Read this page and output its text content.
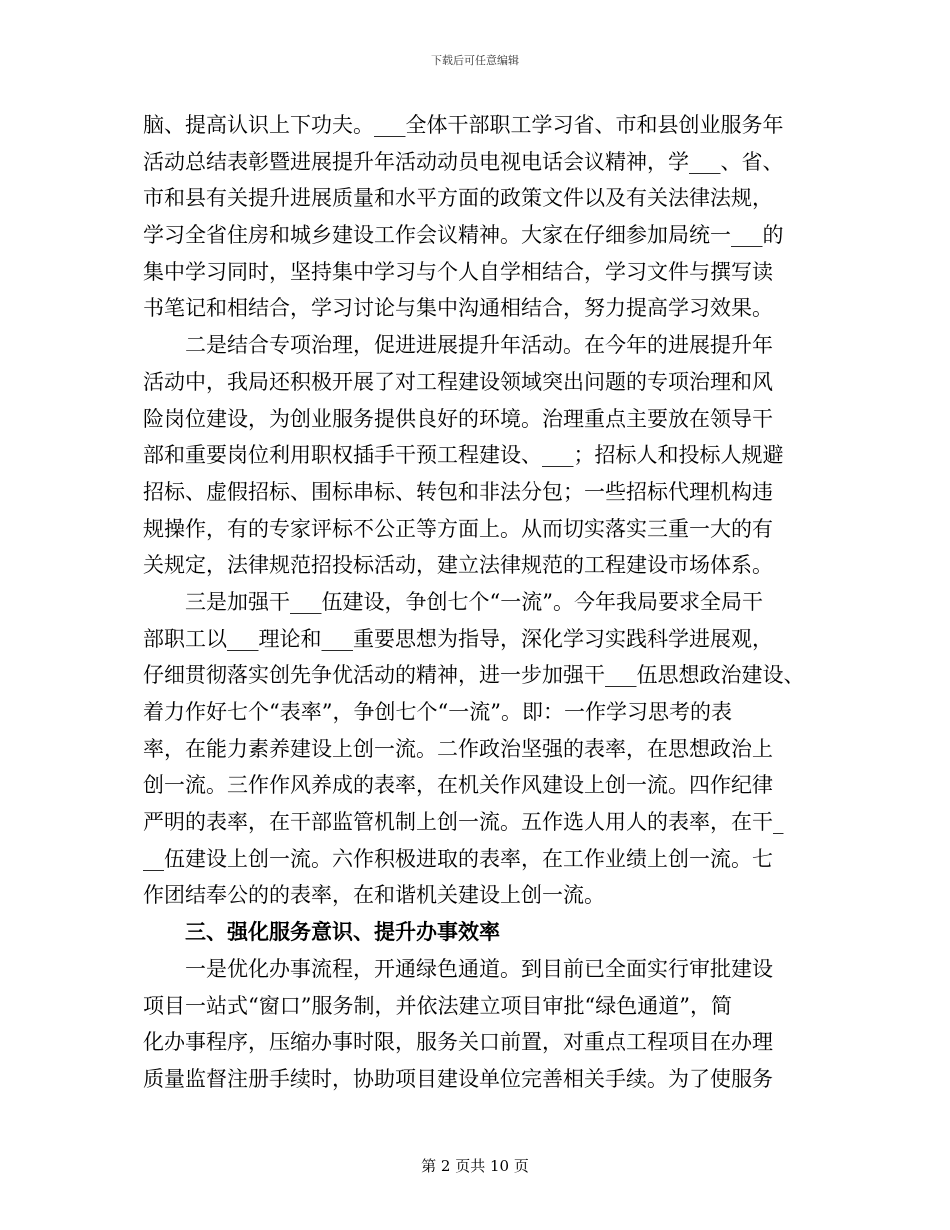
下载后可任意编辑
脑、提高认识上下功夫。___全体干部职工学习省、市和县创业服务年
活动总结表彰暨进展提升年活动动员电视电话会议精神，学___、省、
市和县有关提升进展质量和水平方面的政策文件以及有关法律法规，
学习全省住房和城乡建设工作会议精神。大家在仔细参加局统一___的
集中学习同时，坚持集中学习与个人自学相结合，学习文件与撰写读
书笔记和相结合，学习讨论与集中沟通相结合，努力提高学习效果。
　　二是结合专项治理，促进进展提升年活动。在今年的进展提升年
活动中，我局还积极开展了对工程建设领域突出问题的专项治理和风
险岗位建设，为创业服务提供良好的环境。治理重点主要放在领导干
部和重要岗位利用职权插手干预工程建设、___；招标人和投标人规避
招标、虚假招标、围标串标、转包和非法分包；一些招标代理机构违
规操作，有的专家评标不公正等方面上。从而切实落实三重一大的有
关规定，法律规范招投标活动，建立法律规范的工程建设市场体系。
　　三是加强干___伍建设，争创七个“一流”。今年我局要求全局干
部职工以___理论和___重要思想为指导，深化学习实践科学进展观，
仔细贯彻落实创先争优活动的精神，进一步加强干___伍思想政治建设、
着力作好七个“表率”，争创七个“一流”。即：一作学习思考的表
率，在能力素养建设上创一流。二作政治坚强的表率，在思想政治上
创一流。三作作风养成的表率，在机关作风建设上创一流。四作纪律
严明的表率，在干部监管机制上创一流。五作选人用人的表率，在干_
__伍建设上创一流。六作积极进取的表率，在工作业绩上创一流。七
作团结奉公的的表率，在和谐机关建设上创一流。
　　三、强化服务意识、提升办事效率
　　一是优化办事流程，开通绿色通道。到目前已全面实行审批建设
项目一站式“窗口”服务制，并依法建立项目审批“绿色通道”，简
化办事程序，压缩办事时限，服务关口前置，对重点工程项目在办理
质量监督注册手续时，协助项目建设单位完善相关手续。为了使服务
第 2 页共 10 页
